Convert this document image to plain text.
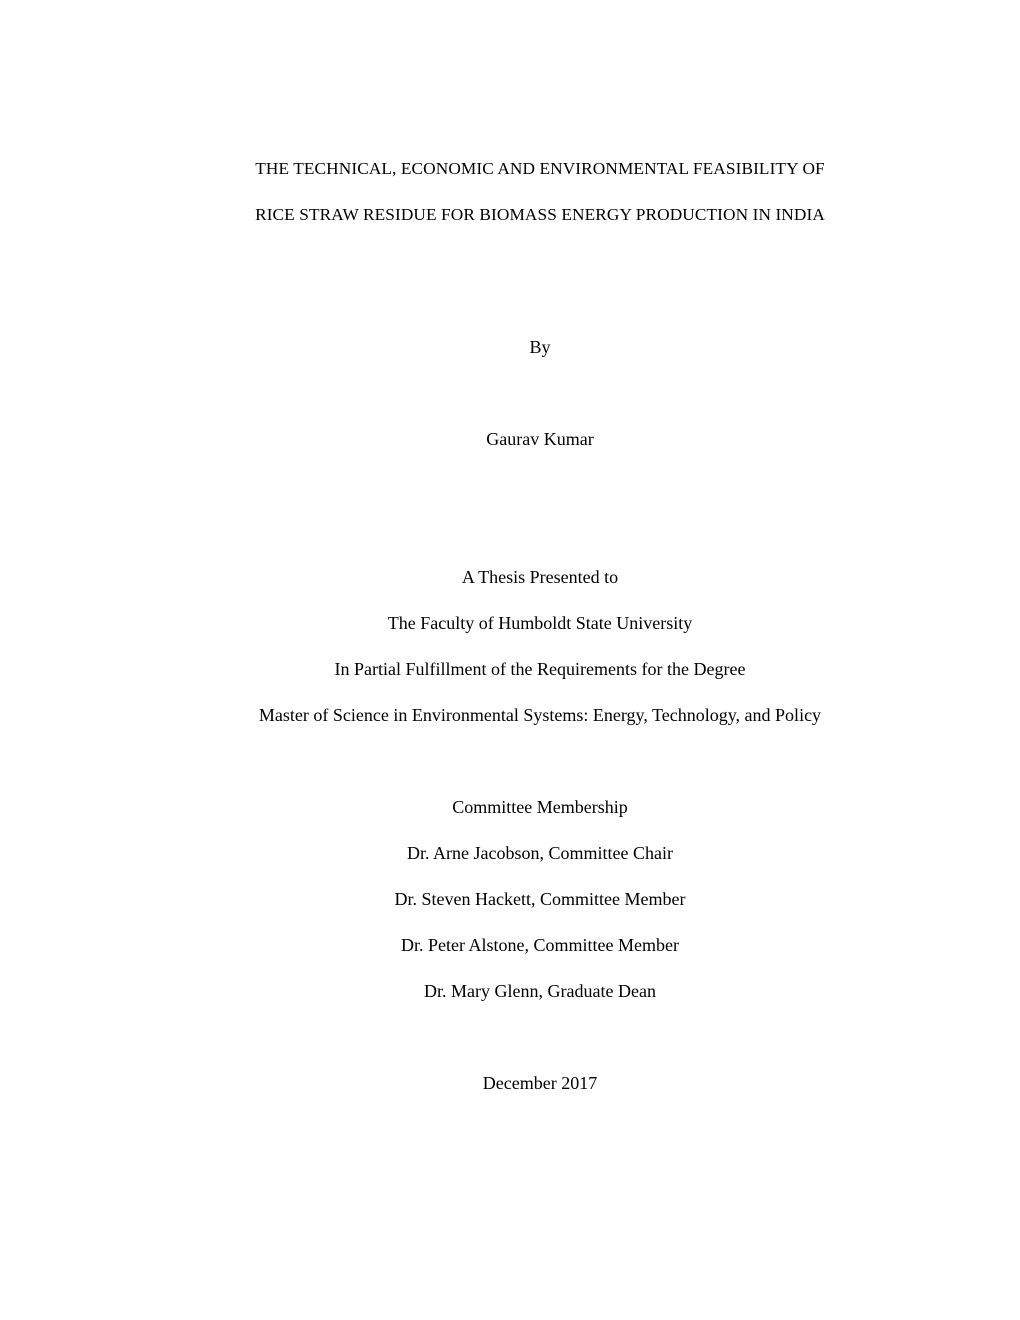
THE TECHNICAL, ECONOMIC AND ENVIRONMENTAL FEASIBILITY OF
RICE STRAW RESIDUE FOR BIOMASS ENERGY PRODUCTION IN INDIA
By
Gaurav Kumar
A Thesis Presented to
The Faculty of Humboldt State University
In Partial Fulfillment of the Requirements for the Degree
Master of Science in Environmental Systems: Energy, Technology, and Policy
Committee Membership
Dr. Arne Jacobson, Committee Chair
Dr. Steven Hackett, Committee Member
Dr. Peter Alstone, Committee Member
Dr. Mary Glenn, Graduate Dean
December 2017
